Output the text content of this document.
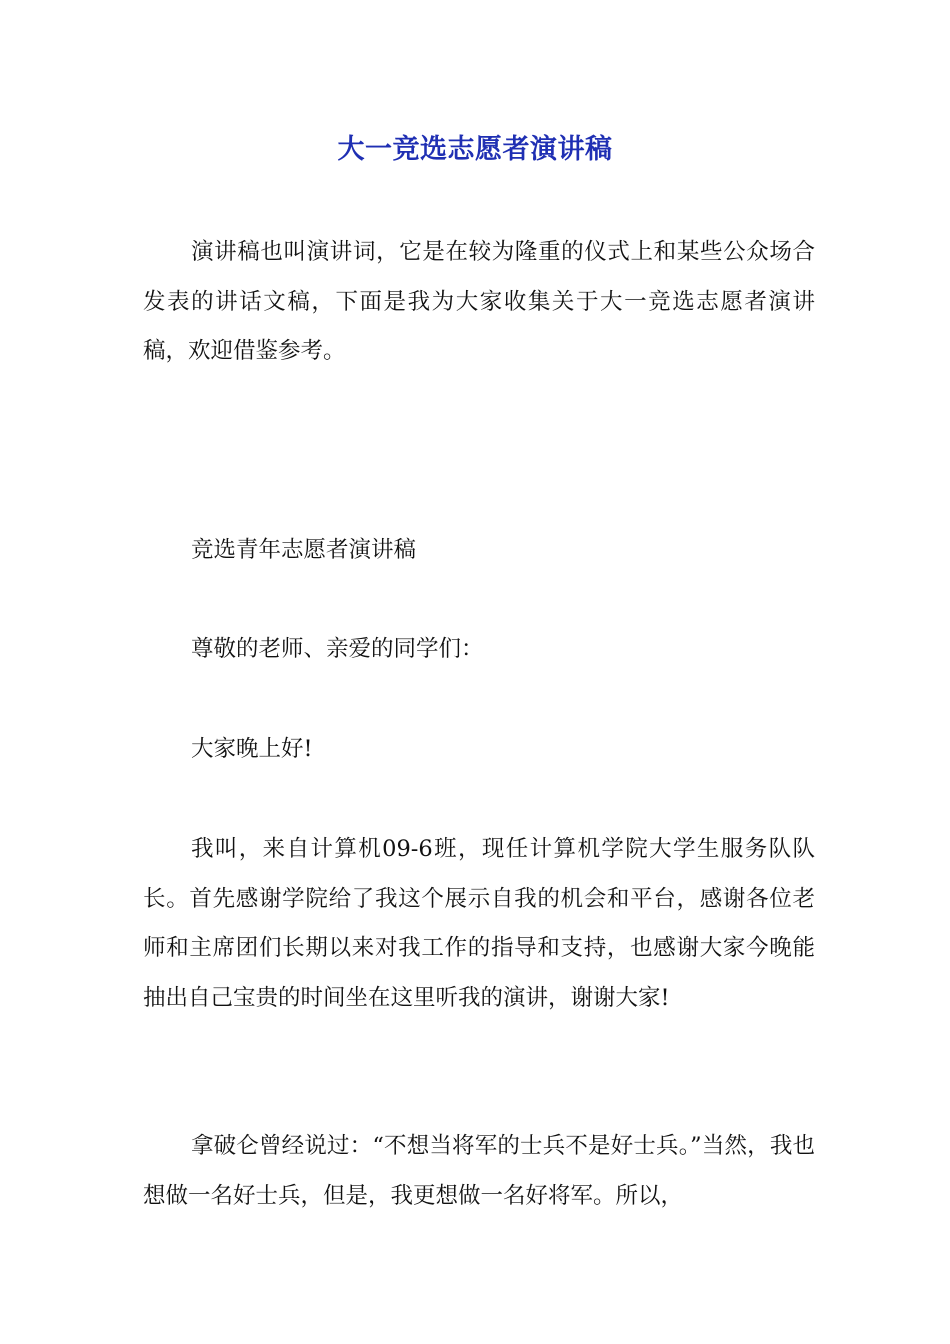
大一竞选志愿者演讲稿

演讲稿也叫演讲词，它是在较为隆重的仪式上和某些公众场合发表的讲话文稿，下面是我为大家收集关于大一竞选志愿者演讲稿，欢迎借鉴参考。

竞选青年志愿者演讲稿

尊敬的老师、亲爱的同学们：

大家晚上好!

我叫，来自计算机09-6班，现任计算机学院大学生服务队队长。首先感谢学院给了我这个展示自我的机会和平台，感谢各位老师和主席团们长期以来对我工作的指导和支持，也感谢大家今晚能抽出自己宝贵的时间坐在这里听我的演讲，谢谢大家!

拿破仑曾经说过：“不想当将军的士兵不是好士兵。”当然，我也想做一名好士兵，但是，我更想做一名好将军。所以，
